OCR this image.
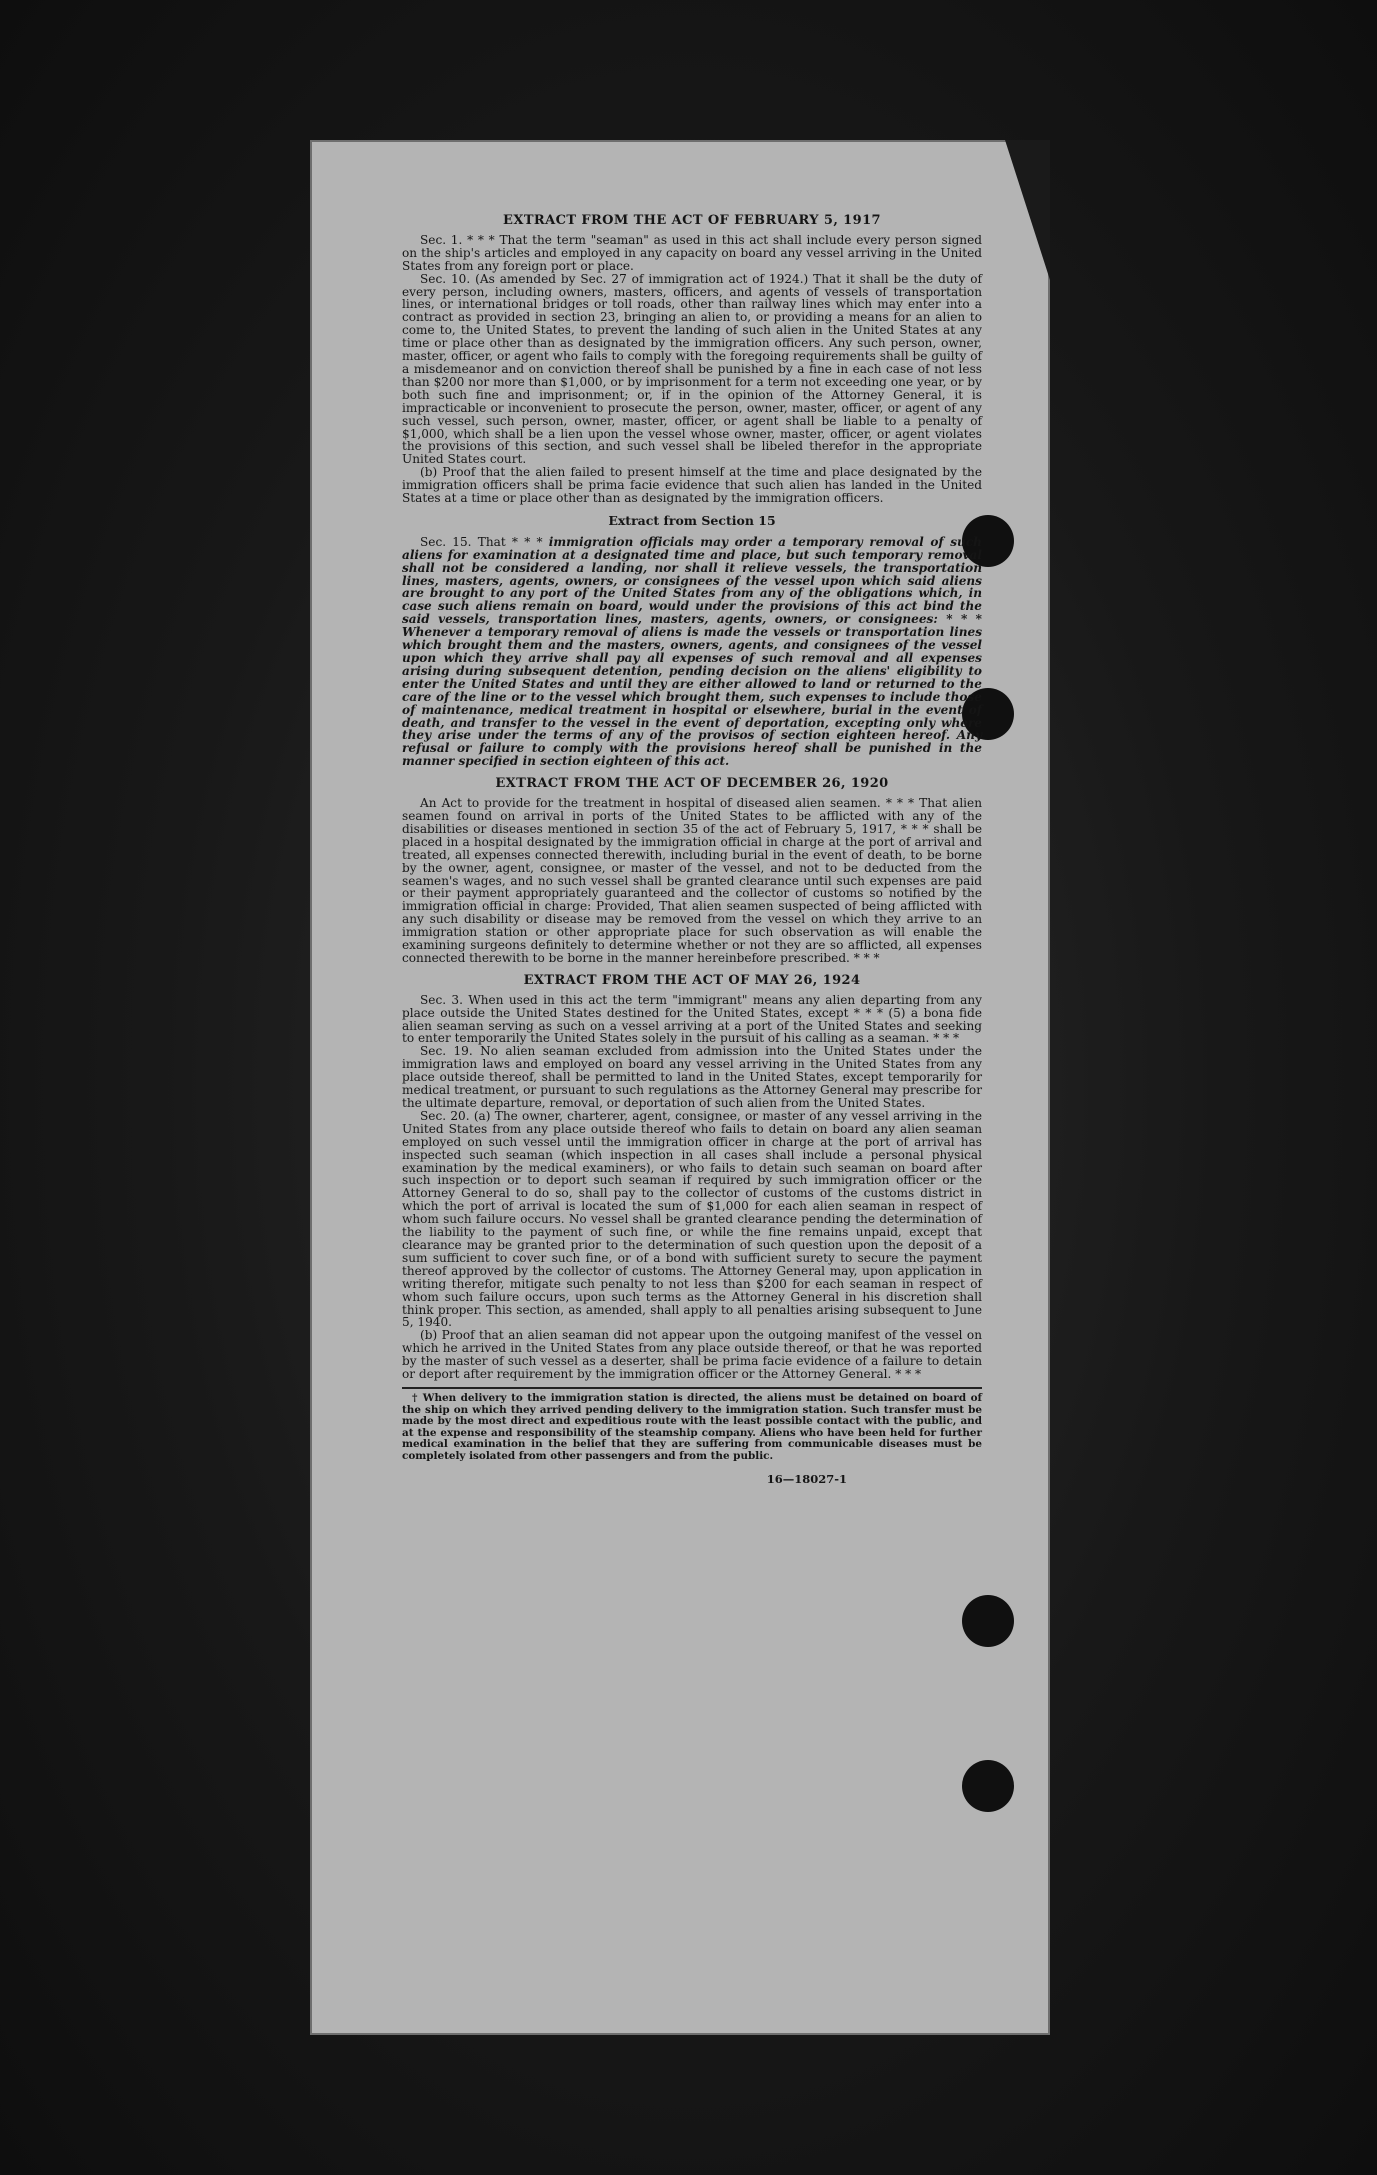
EXTRACT FROM THE ACT OF FEBRUARY 5, 1917

Sec. 1. * * * That the term "seaman" as used in this act shall include every person signed on the ship's articles and employed in any capacity on board any vessel arriving in the United States from any foreign port or place.

Sec. 10. (As amended by Sec. 27 of immigration act of 1924.) That it shall be the duty of every person, including owners, masters, officers, and agents of vessels of transportation lines, or international bridges or toll roads, other than railway lines which may enter into a contract as provided in section 23, bringing an alien to, or providing a means for an alien to come to, the United States, to prevent the landing of such alien in the United States at any time or place other than as designated by the immigration officers. Any such person, owner, master, officer, or agent who fails to comply with the foregoing requirements shall be guilty of a misdemeanor and on conviction thereof shall be punished by a fine in each case of not less than $200 nor more than $1,000, or by imprisonment for a term not exceeding one year, or by both such fine and imprisonment; or, if in the opinion of the Attorney General, it is impracticable or inconvenient to prosecute the person, owner, master, officer, or agent of any such vessel, such person, owner, master, officer, or agent shall be liable to a penalty of $1,000, which shall be a lien upon the vessel whose owner, master, officer, or agent violates the provisions of this section, and such vessel shall be libeled therefor in the appropriate United States court.

(b) Proof that the alien failed to present himself at the time and place designated by the immigration officers shall be prima facie evidence that such alien has landed in the United States at a time or place other than as designated by the immigration officers.

Extract from Section 15

Sec. 15. That * * * immigration officials may order a temporary removal of such aliens for examination at a designated time and place, but such temporary removal shall not be considered a landing, nor shall it relieve vessels, the transportation lines, masters, agents, owners, or consignees of the vessel upon which said aliens are brought to any port of the United States from any of the obligations which, in case such aliens remain on board, would under the provisions of this act bind the said vessels, transportation lines, masters, agents, owners, or consignees: * * * Whenever a temporary removal of aliens is made the vessels or transportation lines which brought them and the masters, owners, agents, and consignees of the vessel upon which they arrive shall pay all expenses of such removal and all expenses arising during subsequent detention, pending decision on the aliens' eligibility to enter the United States and until they are either allowed to land or returned to the care of the line or to the vessel which brought them, such expenses to include those of maintenance, medical treatment in hospital or elsewhere, burial in the event of death, and transfer to the vessel in the event of deportation, excepting only where they arise under the terms of any of the provisos of section eighteen hereof. Any refusal or failure to comply with the provisions hereof shall be punished in the manner specified in section eighteen of this act.

EXTRACT FROM THE ACT OF DECEMBER 26, 1920

An Act to provide for the treatment in hospital of diseased alien seamen. * * * That alien seamen found on arrival in ports of the United States to be afflicted with any of the disabilities or diseases mentioned in section 35 of the act of February 5, 1917, * * * shall be placed in a hospital designated by the immigration official in charge at the port of arrival and treated, all expenses connected therewith, including burial in the event of death, to be borne by the owner, agent, consignee, or master of the vessel, and not to be deducted from the seamen's wages, and no such vessel shall be granted clearance until such expenses are paid or their payment appropriately guaranteed and the collector of customs so notified by the immigration official in charge: Provided, That alien seamen suspected of being afflicted with any such disability or disease may be removed from the vessel on which they arrive to an immigration station or other appropriate place for such observation as will enable the examining surgeons definitely to determine whether or not they are so afflicted, all expenses connected therewith to be borne in the manner hereinbefore prescribed. * * *

EXTRACT FROM THE ACT OF MAY 26, 1924

Sec. 3. When used in this act the term "immigrant" means any alien departing from any place outside the United States destined for the United States, except * * * (5) a bona fide alien seaman serving as such on a vessel arriving at a port of the United States and seeking to enter temporarily the United States solely in the pursuit of his calling as a seaman. * * *

Sec. 19. No alien seaman excluded from admission into the United States under the immigration laws and employed on board any vessel arriving in the United States from any place outside thereof, shall be permitted to land in the United States, except temporarily for medical treatment, or pursuant to such regulations as the Attorney General may prescribe for the ultimate departure, removal, or deportation of such alien from the United States.

Sec. 20. (a) The owner, charterer, agent, consignee, or master of any vessel arriving in the United States from any place outside thereof who fails to detain on board any alien seaman employed on such vessel until the immigration officer in charge at the port of arrival has inspected such seaman (which inspection in all cases shall include a personal physical examination by the medical examiners), or who fails to detain such seaman on board after such inspection or to deport such seaman if required by such immigration officer or the Attorney General to do so, shall pay to the collector of customs of the customs district in which the port of arrival is located the sum of $1,000 for each alien seaman in respect of whom such failure occurs. No vessel shall be granted clearance pending the determination of the liability to the payment of such fine, or while the fine remains unpaid, except that clearance may be granted prior to the determination of such question upon the deposit of a sum sufficient to cover such fine, or of a bond with sufficient surety to secure the payment thereof approved by the collector of customs. The Attorney General may, upon application in writing therefor, mitigate such penalty to not less than $200 for each seaman in respect of whom such failure occurs, upon such terms as the Attorney General in his discretion shall think proper. This section, as amended, shall apply to all penalties arising subsequent to June 5, 1940.

(b) Proof that an alien seaman did not appear upon the outgoing manifest of the vessel on which he arrived in the United States from any place outside thereof, or that he was reported by the master of such vessel as a deserter, shall be prima facie evidence of a failure to detain or deport after requirement by the immigration officer or the Attorney General. * * *

† When delivery to the immigration station is directed, the aliens must be detained on board of the ship on which they arrived pending delivery to the immigration station. Such transfer must be made by the most direct and expeditious route with the least possible contact with the public, and at the expense and responsibility of the steamship company. Aliens who have been held for further medical examination in the belief that they are suffering from communicable diseases must be completely isolated from other passengers and from the public.

16—18027-1
